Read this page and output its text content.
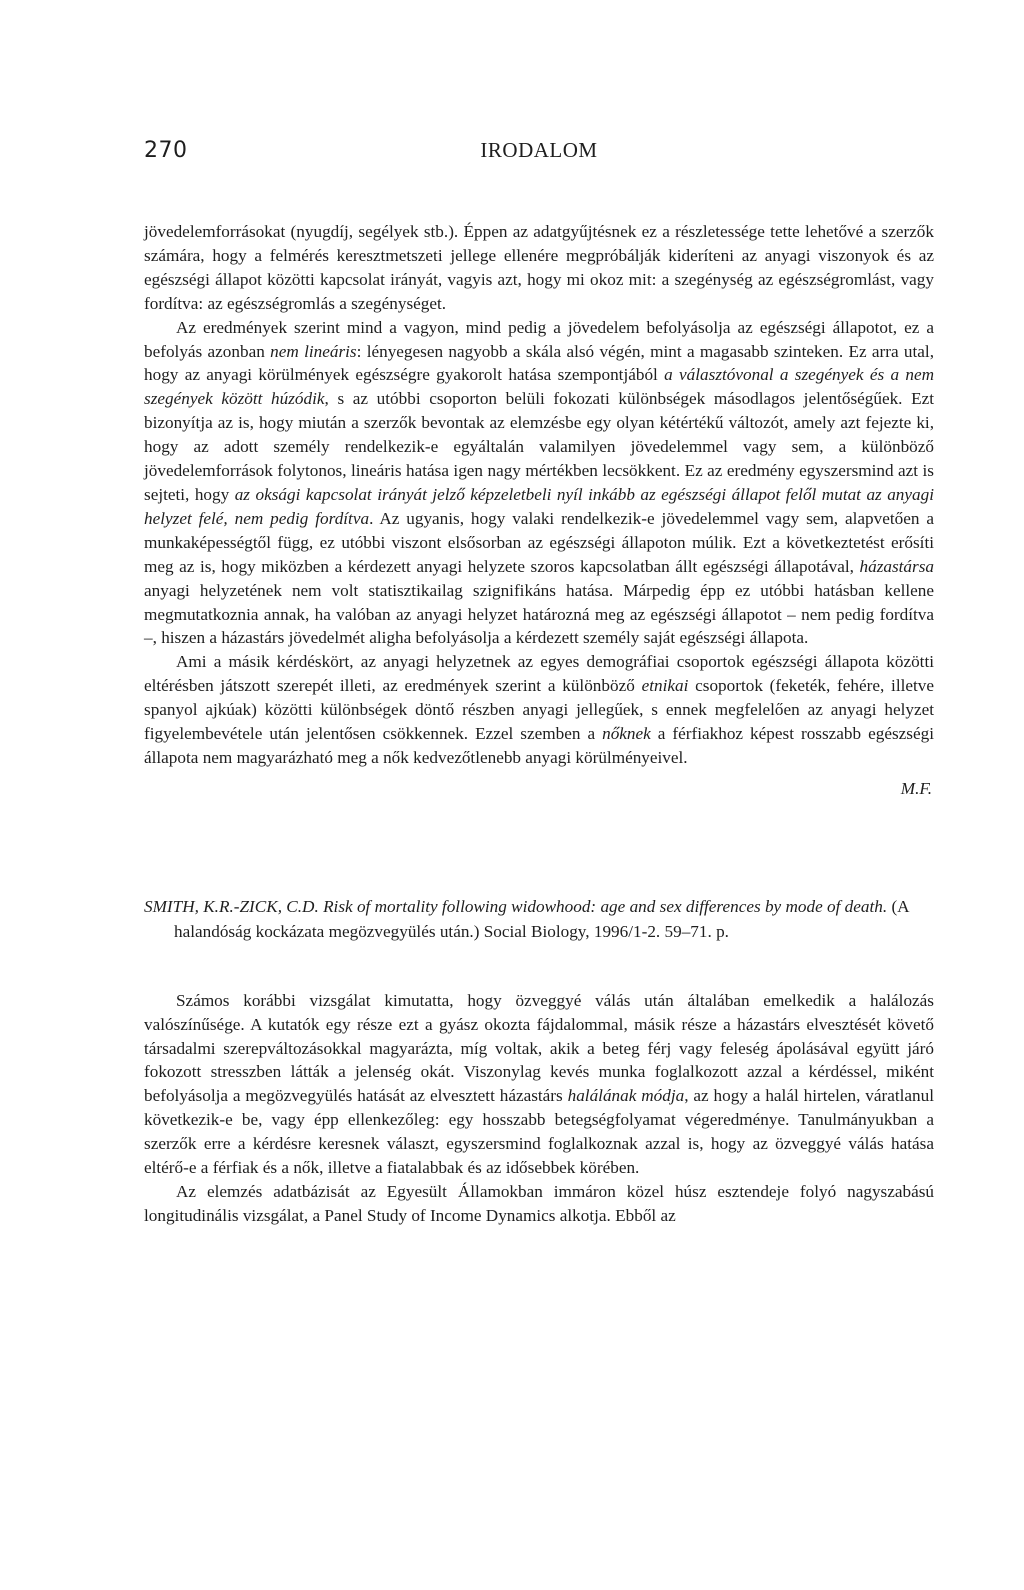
270	IRODALOM

jövedelemforrásokat (nyugdíj, segélyek stb.). Éppen az adatgyűjtésnek ez a részletessége tette lehetővé a szerzők számára, hogy a felmérés keresztmetszeti jellege ellenére megpróbálják kideríteni az anyagi viszonyok és az egészségi állapot közötti kapcsolat irányát, vagyis azt, hogy mi okoz mit: a szegénység az egészségromlást, vagy fordítva: az egészségromlás a szegénységet.

Az eredmények szerint mind a vagyon, mind pedig a jövedelem befolyásolja az egészségi állapotot, ez a befolyás azonban nem lineáris: lényegesen nagyobb a skála alsó végén, mint a magasabb szinteken. Ez arra utal, hogy az anyagi körülmények egészségre gyakorolt hatása szempontjából a választóvonal a szegények és a nem szegények között húzódik, s az utóbbi csoporton belüli fokozati különbségek másodlagos jelentőségűek. Ezt bizonyítja az is, hogy miután a szerzők bevontak az elemzésbe egy olyan kétértékű változót, amely azt fejezte ki, hogy az adott személy rendelkezik-e egyáltalán valamilyen jövedelemmel vagy sem, a különböző jövedelemforrások folytonos, lineáris hatása igen nagy mértékben lecsökkent. Ez az eredmény egyszersmind azt is sejteti, hogy az oksági kapcsolat irányát jelző képzeletbeli nyíl inkább az egészségi állapot felől mutat az anyagi helyzet felé, nem pedig fordítva. Az ugyanis, hogy valaki rendelkezik-e jövedelemmel vagy sem, alapvetően a munkaképességtől függ, ez utóbbi viszont elsősorban az egészségi állapoton múlik. Ezt a következtetést erősíti meg az is, hogy miközben a kérdezett anyagi helyzete szoros kapcsolatban állt egészségi állapotával, házastársa anyagi helyzetének nem volt statisztikailag szignifikáns hatása. Márpedig épp ez utóbbi hatásban kellene megmutatkoznia annak, ha valóban az anyagi helyzet határozná meg az egészségi állapotot – nem pedig fordítva –, hiszen a házastárs jövedelmét aligha befolyásolja a kérdezett személy saját egészségi állapota.

Ami a másik kérdéskört, az anyagi helyzetnek az egyes demográfiai csoportok egészségi állapota közötti eltérésben játszott szerepét illeti, az eredmények szerint a különböző etnikai csoportok (feketék, fehére, illetve spanyol ajkúak) közötti különbségek döntő részben anyagi jellegűek, s ennek megfelelően az anyagi helyzet figyelembevétele után jelentősen csökkennek. Ezzel szemben a nőknek a férfiakhoz képest rosszabb egészségi állapota nem magyarázható meg a nők kedvezőtlenebb anyagi körülményeivel.

M.F.

SMITH, K.R.-ZICK, C.D. Risk of mortality following widowhood: age and sex differences by mode of death. (A halandóság kockázata megözvegyülés után.) Social Biology, 1996/1-2. 59–71. p.

Számos korábbi vizsgálat kimutatta, hogy özveggyé válás után általában emelkedik a halálozás valószínűsége. A kutatók egy része ezt a gyász okozta fájdalommal, másik része a házastárs elvesztését követő társadalmi szerepváltozásokkal magyarázta, míg voltak, akik a beteg férj vagy feleség ápolásával együtt járó fokozott stresszben látták a jelenség okát. Viszonylag kevés munka foglalkozott azzal a kérdéssel, miként befolyásolja a megözvegyülés hatását az elvesztett házastárs halálának módja, az hogy a halál hirtelen, váratlanul következik-e be, vagy épp ellenkezőleg: egy hosszabb betegségfolyamat végeredménye. Tanulmányukban a szerzők erre a kérdésre keresnek választ, egyszersmind foglalkoznak azzal is, hogy az özveggyé válás hatása eltérő-e a férfiak és a nők, illetve a fiatalabbak és az idősebbek körében.

Az elemzés adatbázisát az Egyesült Államokban immáron közel húsz esztendeje folyó nagyszabású longitudinális vizsgálat, a Panel Study of Income Dynamics alkotja. Ebből az
